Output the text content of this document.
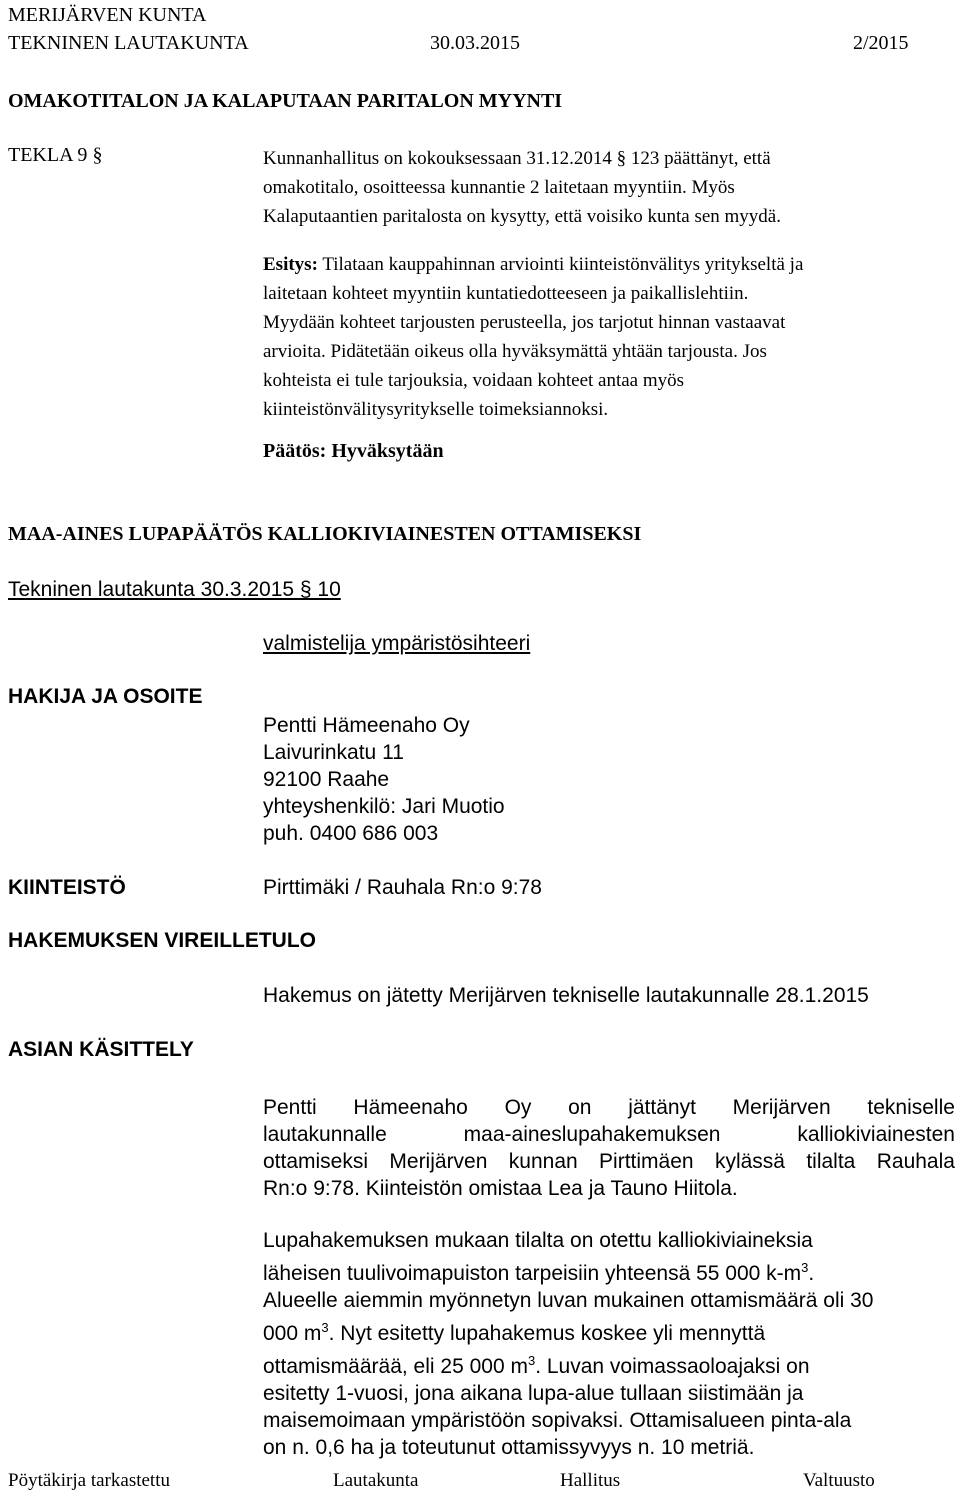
MERIJÄRVEN KUNTA
TEKNINEN LAUTAKUNTA	30.03.2015	2/2015
OMAKOTITALON JA KALAPUTAAN PARITALON MYYNTI
TEKLA 9 §	Kunnanhallitus on kokouksessaan 31.12.2014 § 123 päättänyt, että
omakotitalo, osoitteessa kunnantie 2 laitetaan myyntiin. Myös
Kalaputaantien paritalosta on kysytty, että voisiko kunta sen myydä.
Esitys: Tilataan kauppahinnan arviointi kiinteistönvälitys yritykseltä ja
laitetaan kohteet myyntiin kuntatiedotteeseen ja paikallislehtiin.
Myydään kohteet tarjousten perusteella, jos tarjotut hinnan vastaavat
arvioita. Pidätetään oikeus olla hyväksymättä yhtään tarjousta. Jos
kohteista ei tule tarjouksia, voidaan kohteet antaa myös
kiinteistönvälitysyritykselle toimeksiannoksi.
Päätös: Hyväksytään
MAA-AINES LUPAPÄÄTÖS KALLIOKIVIAINESTEN OTTAMISEKSI
Tekninen lautakunta 30.3.2015 § 10
valmistelija ympäristösihteeri
HAKIJA JA OSOITE
Pentti Hämeenaho Oy
Laivurinkatu 11
92100 Raahe
yhteyshenkilö: Jari Muotio
puh. 0400 686 003
KIINTEISTÖ	Pirttimäki / Rauhala Rn:o 9:78
HAKEMUKSEN VIREILLETULO
Hakemus on jätetty Merijärven tekniselle lautakunnalle 28.1.2015
ASIAN KÄSITTELY
Pentti Hämeenaho Oy on jättänyt Merijärven tekniselle
lautakunnalle	maa-aineslupahakemuksen	kalliokiviainesten
ottamiseksi Merijärven kunnan Pirttimäen kylässä tilalta Rauhala
Rn:o 9:78. Kiinteistön omistaa Lea ja Tauno Hiitola.
Lupahakemuksen mukaan tilalta on otettu kalliokiviaineksia
läheisen tuulivoimapuiston tarpeisiin yhteensä 55 000 $k-m^3$.
Alueelle aiemmin myönnetyn luvan mukainen ottamismäärä oli 30
000 $m^3$. Nyt esitetty lupahakemus koskee yli mennyttä
ottamismäärää, eli 25 000 $m^3$. Luvan voimassaoloajaksi on
esitetty 1-vuosi, jona aikana lupa-alue tullaan siistimään ja
maisemoimaan ympäristöön sopivaksi. Ottamisalueen pinta-ala
on n. 0,6 ha ja toteutunut ottamissyvyys n. 10 metriä.
Pöytäkirja tarkastettu	Lautakunta	Hallitus	Valtuusto
